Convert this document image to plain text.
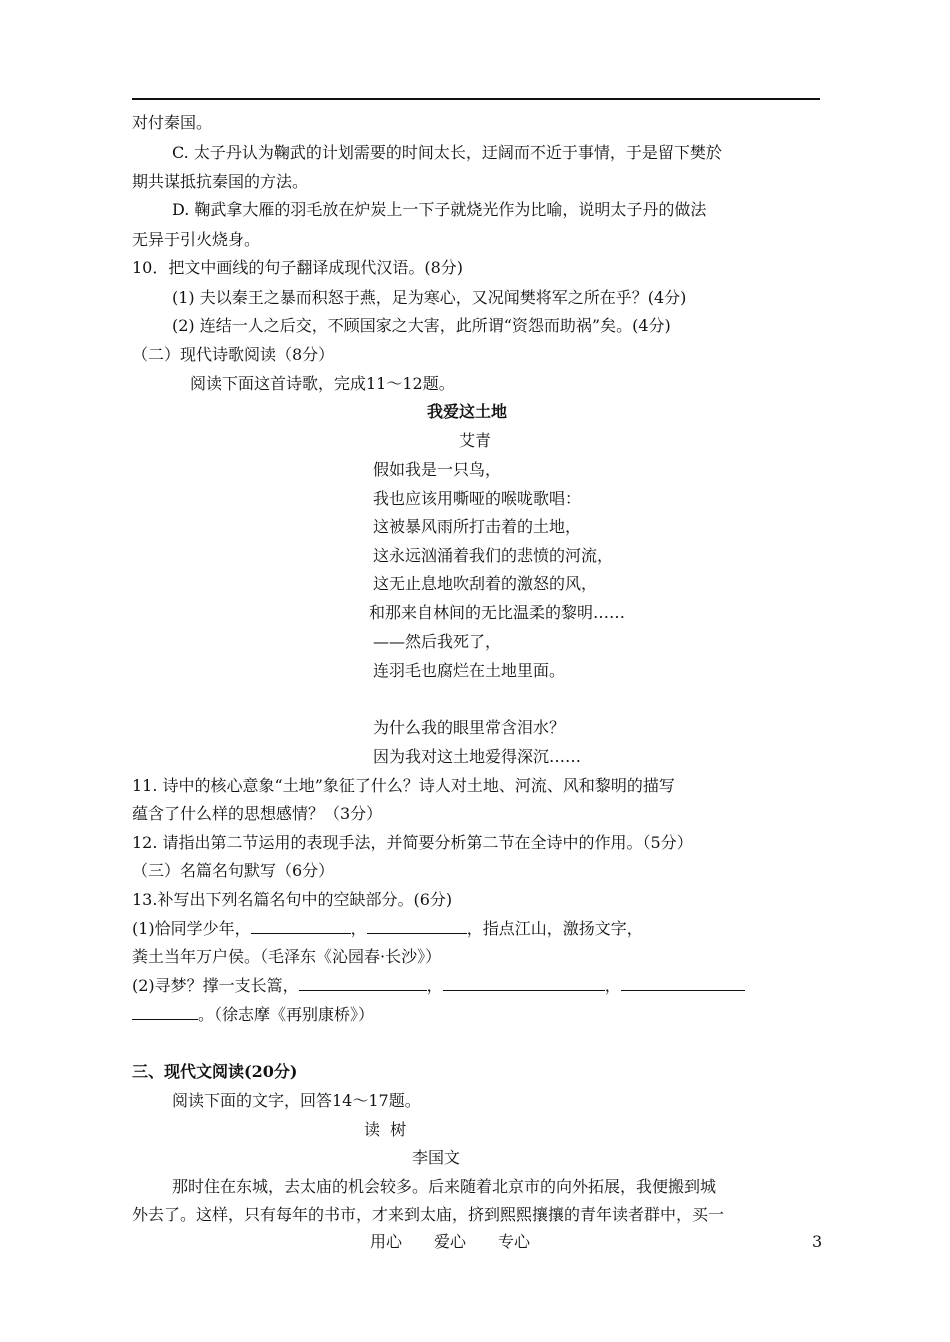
对付秦国。
C. 太子丹认为鞠武的计划需要的时间太长，迂阔而不近于事情，于是留下樊於
期共谋抵抗秦国的方法。
D. 鞠武拿大雁的羽毛放在炉炭上一下子就烧光作为比喻，说明太子丹的做法
无异于引火烧身。
10．把文中画线的句子翻译成现代汉语。(8分)
(1) 夫以秦王之暴而积怒于燕，足为寒心，又况闻樊将军之所在乎？(4分)
(2) 连结一人之后交，不顾国家之大害，此所谓“资怨而助祸”矣。(4分)
（二）现代诗歌阅读（8分）
阅读下面这首诗歌，完成11～12题。
我爱这土地
艾青
假如我是一只鸟，
我也应该用嘶哑的喉咙歌唱：
这被暴风雨所打击着的土地，
这永远汹涌着我们的悲愤的河流，
这无止息地吹刮着的激怒的风，
和那来自林间的无比温柔的黎明……
——然后我死了，
连羽毛也腐烂在土地里面。
为什么我的眼里常含泪水？
因为我对这土地爱得深沉……
11. 诗中的核心意象“土地”象征了什么？诗人对土地、河流、风和黎明的描写
蕴含了什么样的思想感情？（3分）
12. 请指出第二节运用的表现手法，并简要分析第二节在全诗中的作用。（5分）
（三）名篇名句默写（6分）
13.补写出下列名篇名句中的空缺部分。(6分)
(1)恰同学少年，	，	，指点江山，激扬文字，
粪土当年万户侯。（毛泽东《沁园春·长沙》）
(2)寻梦？撑一支长篙，	，	，
。（徐志摩《再别康桥》）
三、现代文阅读(20分)
阅读下面的文字，回答14～17题。
读  树
李国文
那时住在东城，去太庙的机会较多。后来随着北京市的向外拓展，我便搬到城
外去了。这样，只有每年的书市，才来到太庙，挤到熙熙攘攘的青年读者群中，买一
用心 爱心 专心	3
